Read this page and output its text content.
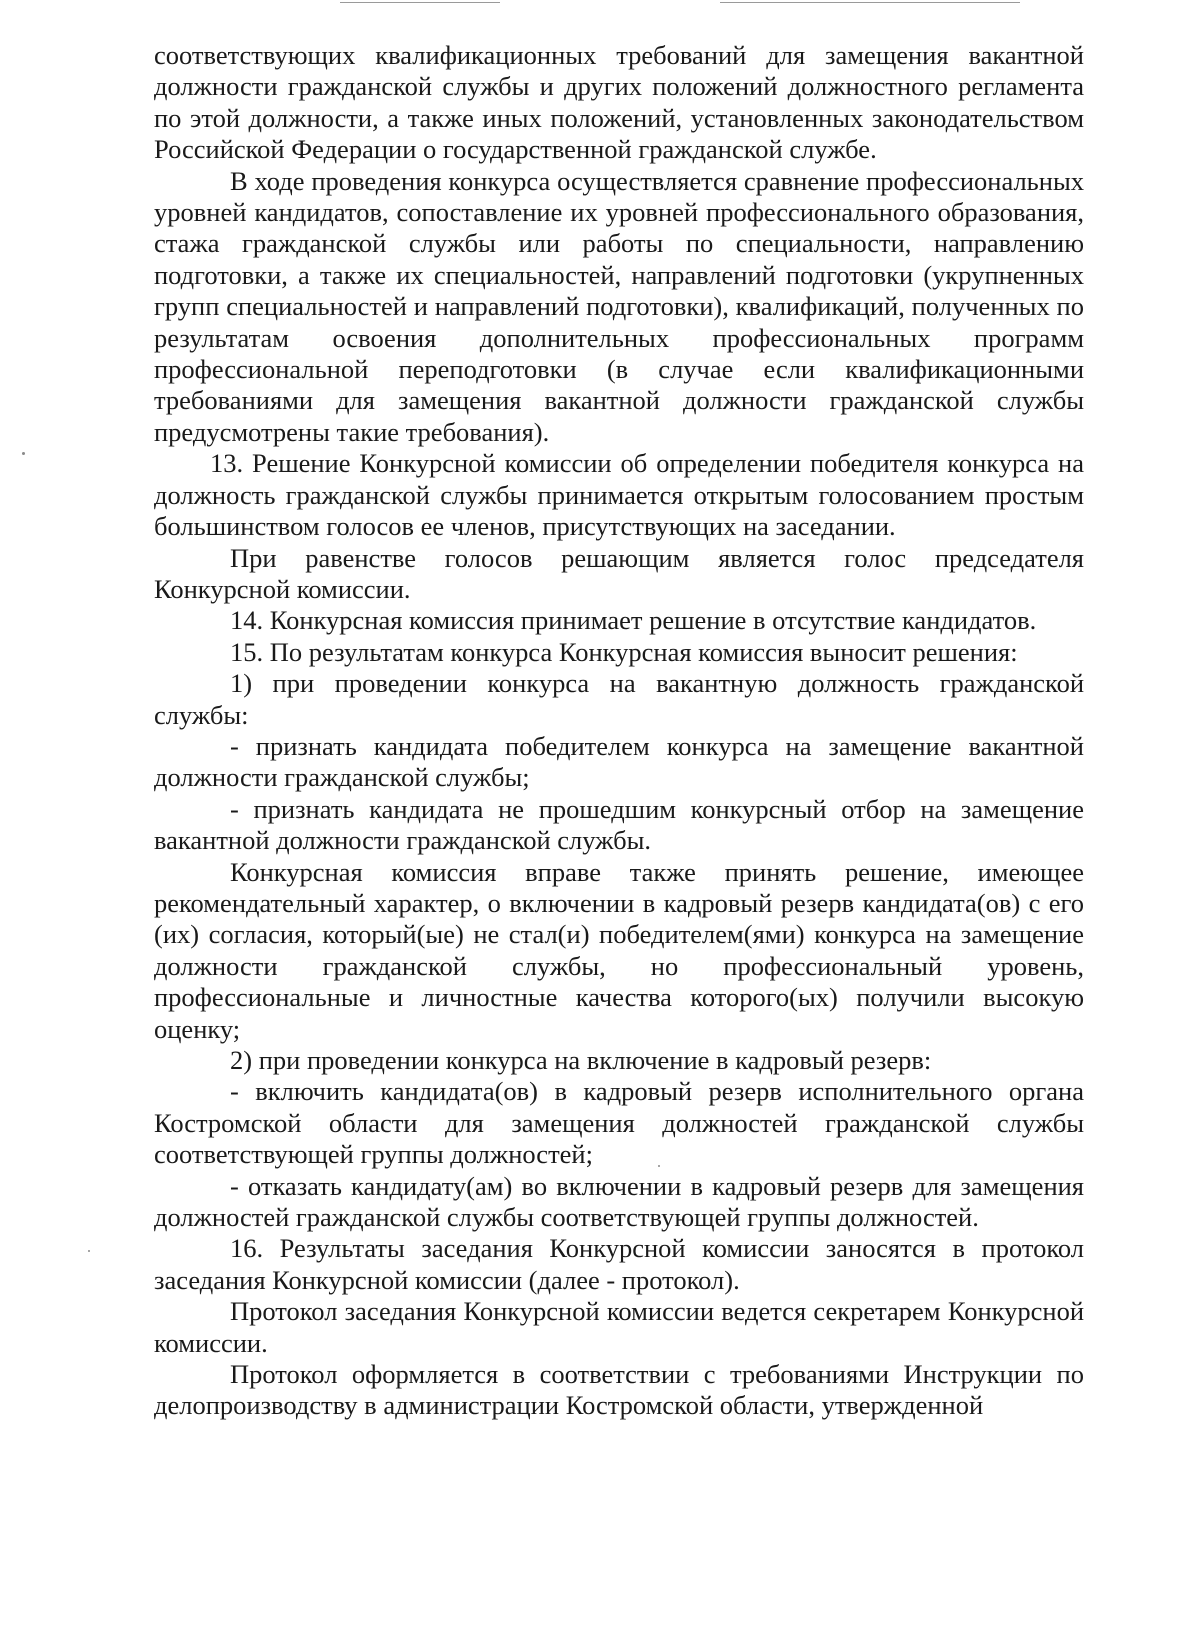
соответствующих квалификационных требований для замещения вакантной должности гражданской службы и других положений должностного регламента по этой должности, а также иных положений, установленных законодательством Российской Федерации о государственной гражданской службе.

В ходе проведения конкурса осуществляется сравнение профессиональных уровней кандидатов, сопоставление их уровней профессионального образования, стажа гражданской службы или работы по специальности, направлению подготовки, а также их специальностей, направлений подготовки (укрупненных групп специальностей и направлений подготовки), квалификаций, полученных по результатам освоения дополнительных профессиональных программ профессиональной переподготовки (в случае если квалификационными требованиями для замещения вакантной должности гражданской службы предусмотрены такие требования).

13. Решение Конкурсной комиссии об определении победителя конкурса на должность гражданской службы принимается открытым голосованием простым большинством голосов ее членов, присутствующих на заседании.

При равенстве голосов решающим является голос председателя Конкурсной комиссии.

14. Конкурсная комиссия принимает решение в отсутствие кандидатов.

15. По результатам конкурса Конкурсная комиссия выносит решения:

1) при проведении конкурса на вакантную должность гражданской службы:

- признать кандидата победителем конкурса на замещение вакантной должности гражданской службы;

- признать кандидата не прошедшим конкурсный отбор на замещение вакантной должности гражданской службы.

Конкурсная комиссия вправе также принять решение, имеющее рекомендательный характер, о включении в кадровый резерв кандидата(ов) с его (их) согласия, который(ые) не стал(и) победителем(ями) конкурса на замещение должности гражданской службы, но профессиональный уровень, профессиональные и личностные качества которого(ых) получили высокую оценку;

2) при проведении конкурса на включение в кадровый резерв:

- включить кандидата(ов) в кадровый резерв исполнительного органа Костромской области для замещения должностей гражданской службы соответствующей группы должностей;

- отказать кандидату(ам) во включении в кадровый резерв для замещения должностей гражданской службы соответствующей группы должностей.

16. Результаты заседания Конкурсной комиссии заносятся в протокол заседания Конкурсной комиссии (далее - протокол).

Протокол заседания Конкурсной комиссии ведется секретарем Конкурсной комиссии.

Протокол оформляется в соответствии с требованиями Инструкции по делопроизводству в администрации Костромской области, утвержденной
